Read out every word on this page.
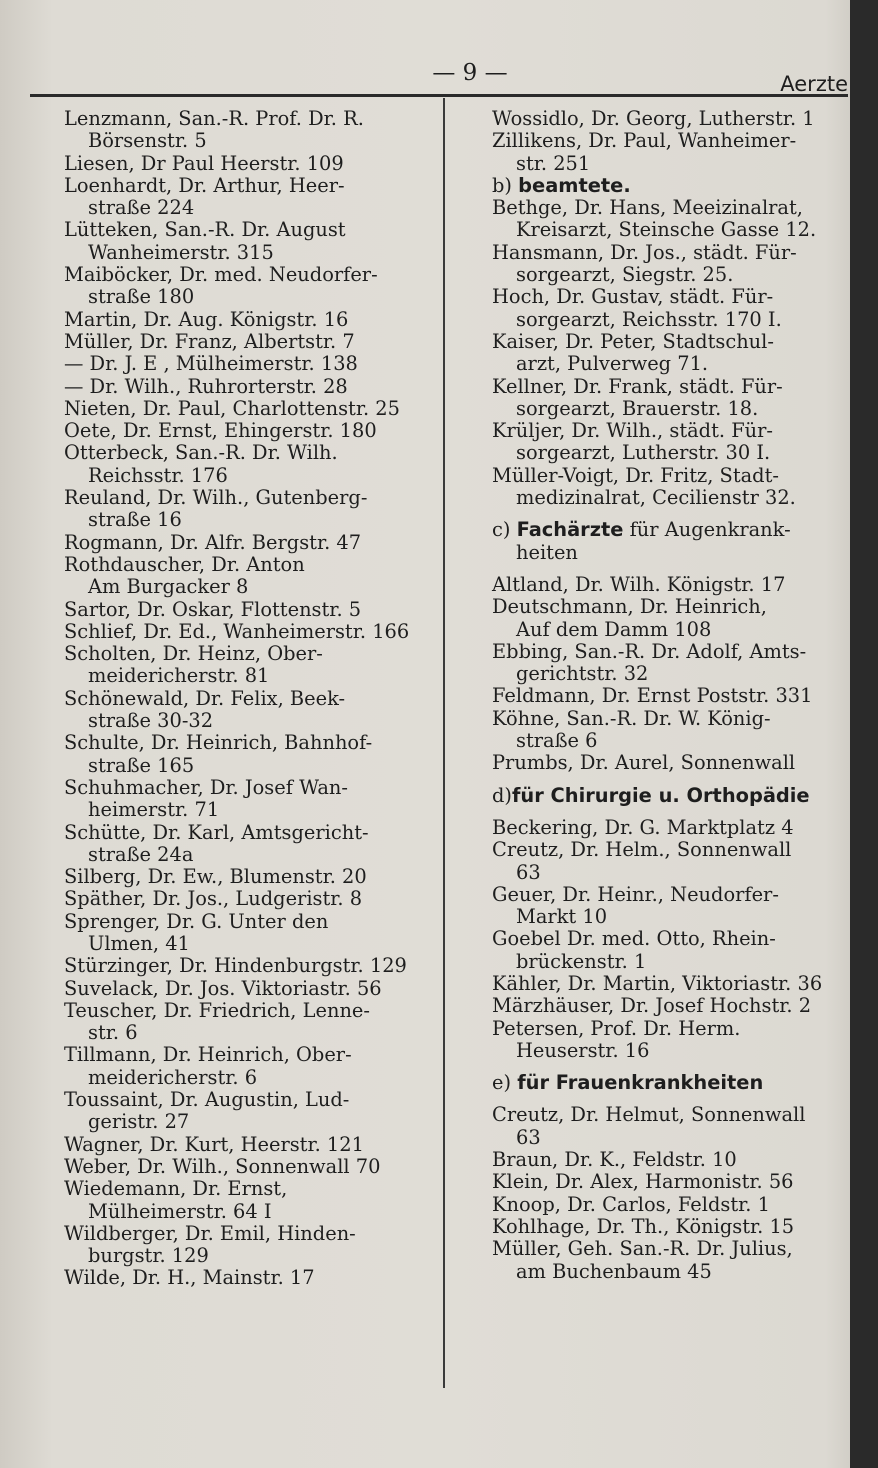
— 9 —	Aerzte
Lenzmann, San.-R. Prof. Dr. R.
Börsenstr. 5
Liesen, Dr Paul Heerstr. 109
Loenhardt, Dr. Arthur, Heer-
straße 224
Lütteken, San.-R. Dr. August
Wanheimerstr. 315
Maiböcker, Dr. med. Neudorfer-
straße 180
Martin, Dr. Aug. Königstr. 16
Müller, Dr. Franz, Albertstr. 7
— Dr. J. E , Mülheimerstr. 138
— Dr. Wilh., Ruhrorterstr. 28
Nieten, Dr. Paul, Charlottenstr. 25
Oete, Dr. Ernst, Ehingerstr. 180
Otterbeck, San.-R. Dr. Wilh.
Reichsstr. 176
Reuland, Dr. Wilh., Gutenberg-
straße 16
Rogmann, Dr. Alfr. Bergstr. 47
Rothdauscher, Dr. Anton
Am Burgacker 8
Sartor, Dr. Oskar, Flottenstr. 5
Schlief, Dr. Ed., Wanheimerstr. 166
Scholten, Dr. Heinz, Ober-
meidericherstr. 81
Schönewald, Dr. Felix, Beek-
straße 30-32
Schulte, Dr. Heinrich, Bahnhof-
straße 165
Schuhmacher, Dr. Josef Wan-
heimerstr. 71
Schütte, Dr. Karl, Amtsgericht-
straße 24a
Silberg, Dr. Ew., Blumenstr. 20
Späther, Dr. Jos., Ludgeristr. 8
Sprenger, Dr. G. Unter den
Ulmen, 41
Stürzinger, Dr. Hindenburgstr. 129
Suvelack, Dr. Jos. Viktoriastr. 56
Teuscher, Dr. Friedrich, Lenne-
str. 6
Tillmann, Dr. Heinrich, Ober-
meidericherstr. 6
Toussaint, Dr. Augustin, Lud-
geristr. 27
Wagner, Dr. Kurt, Heerstr. 121
Weber, Dr. Wilh., Sonnenwall 70
Wiedemann, Dr. Ernst,
Mülheimerstr. 64 I
Wildberger, Dr. Emil, Hinden-
burgstr. 129
Wilde, Dr. H., Mainstr. 17
Wossidlo, Dr. Georg, Lutherstr. 1
Zillikens, Dr. Paul, Wanheimer-
str. 251
b) beamtete.
Bethge, Dr. Hans, Meeizinalrat,
Kreisarzt, Steinsche Gasse 12.
Hansmann, Dr. Jos., städt. Für-
sorgearzt, Siegstr. 25.
Hoch, Dr. Gustav, städt. Für-
sorgearzt, Reichsstr. 170 I.
Kaiser, Dr. Peter, Stadtschul-
arzt, Pulverweg 71.
Kellner, Dr. Frank, städt. Für-
sorgearzt, Brauerstr. 18.
Krüljer, Dr. Wilh., städt. Für-
sorgearzt, Lutherstr. 30 I.
Müller-Voigt, Dr. Fritz, Stadt-
medizinalrat, Cecilienstr 32.
c) Fachärzte für Augenkrank-
heiten
Altland, Dr. Wilh. Königstr. 17
Deutschmann, Dr. Heinrich,
Auf dem Damm 108
Ebbing, San.-R. Dr. Adolf, Amts-
gerichtstr. 32
Feldmann, Dr. Ernst Poststr. 331
Köhne, San.-R. Dr. W. König-
straße 6
Prumbs, Dr. Aurel, Sonnenwall
d)für Chirurgie u. Orthopädie
Beckering, Dr. G. Marktplatz 4
Creutz, Dr. Helm., Sonnenwall
63
Geuer, Dr. Heinr., Neudorfer-
Markt 10
Goebel Dr. med. Otto, Rhein-
brückenstr. 1
Kähler, Dr. Martin, Viktoriastr. 36
Märzhäuser, Dr. Josef Hochstr. 2
Petersen, Prof. Dr. Herm.
Heuserstr. 16
e) für Frauenkrankheiten
Creutz, Dr. Helmut, Sonnenwall
63
Braun, Dr. K., Feldstr. 10
Klein, Dr. Alex, Harmonistr. 56
Knoop, Dr. Carlos, Feldstr. 1
Kohlhage, Dr. Th., Königstr. 15
Müller, Geh. San.-R. Dr. Julius,
am Buchenbaum 45
